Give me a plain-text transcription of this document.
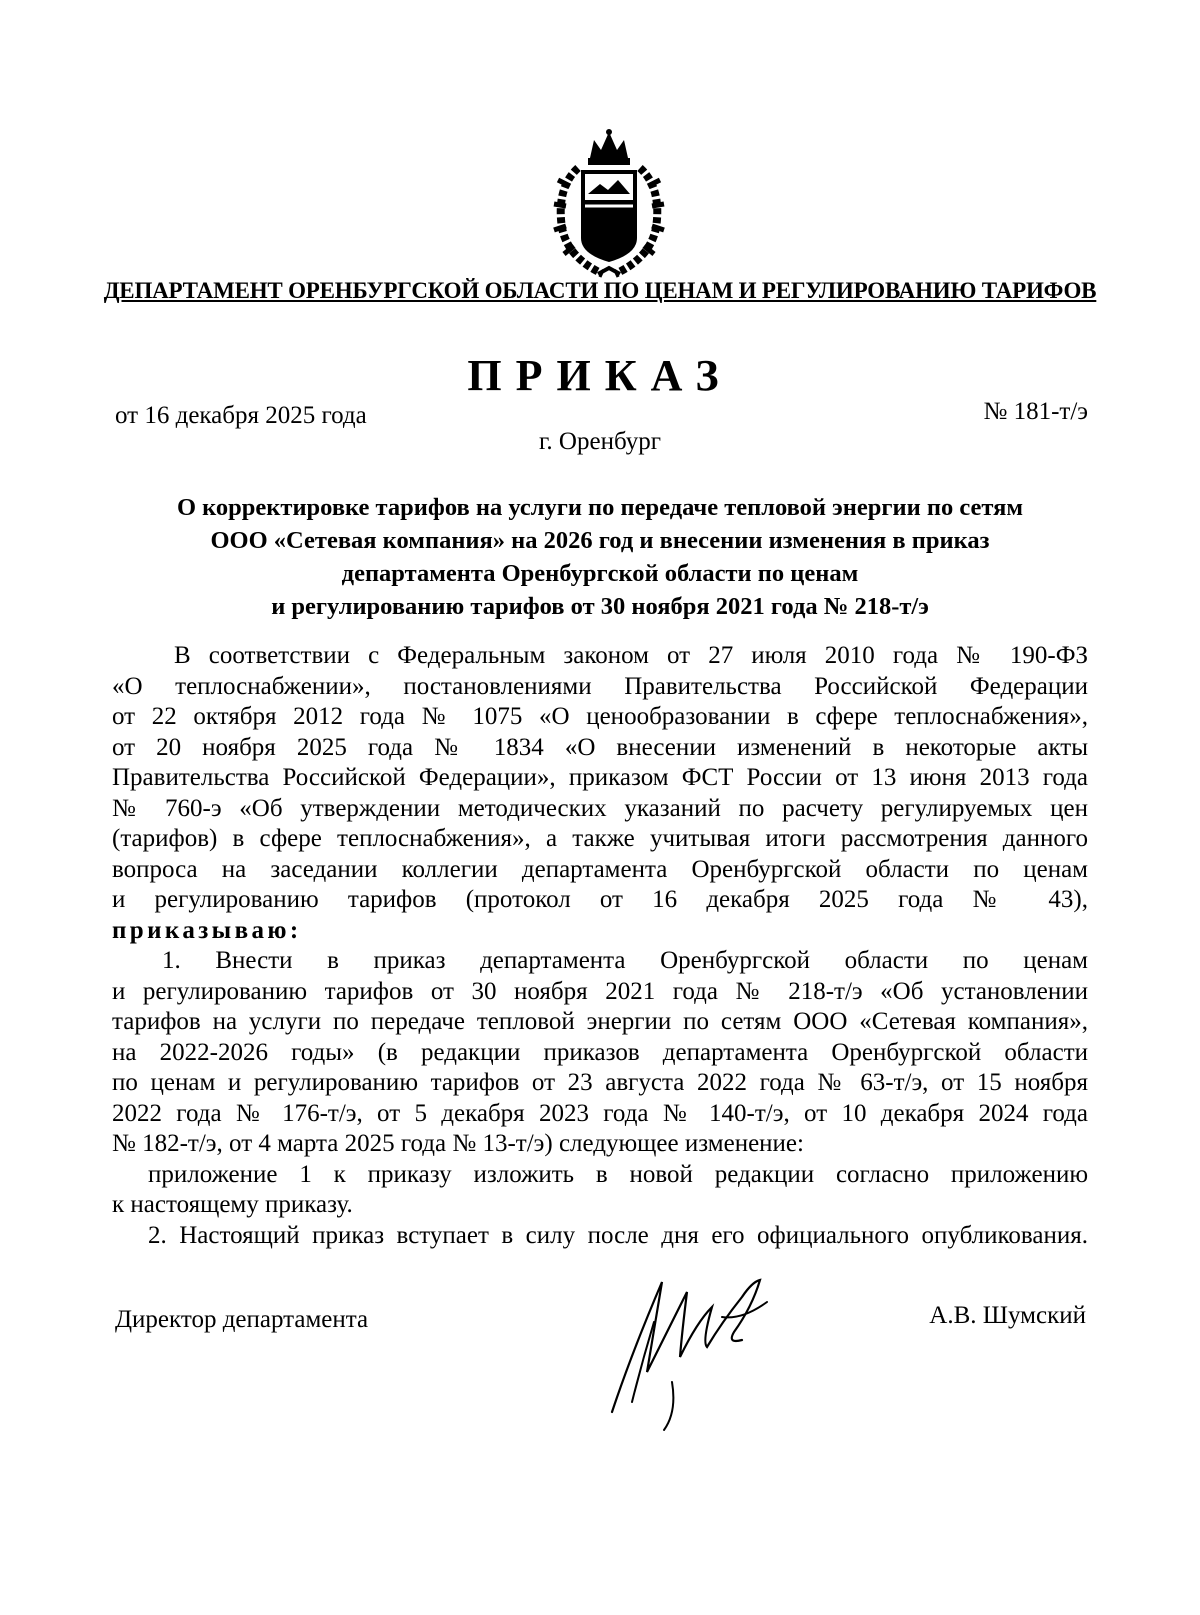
ДЕПАРТАМЕНТ ОРЕНБУРГСКОЙ ОБЛАСТИ ПО ЦЕНАМ И РЕГУЛИРОВАНИЮ ТАРИФОВ
ПРИКАЗ
от 16 декабря 2025 года	№ 181-т/э
г. Оренбург
О корректировке тарифов на услуги по передаче тепловой энергии по сетям
ООО «Сетевая компания» на 2026 год и внесении изменения в приказ
департамента Оренбургской области по ценам
и регулированию тарифов от 30 ноября 2021 года № 218-т/э
В соответствии с Федеральным законом от 27 июля 2010 года № 190-ФЗ
«О теплоснабжении», постановлениями Правительства Российской Федерации
от 22 октября 2012 года № 1075 «О ценообразовании в сфере теплоснабжения»,
от 20 ноября 2025 года № 1834 «О внесении изменений в некоторые акты
Правительства Российской Федерации», приказом ФСТ России от 13 июня 2013 года
№ 760-э «Об утверждении методических указаний по расчету регулируемых цен
(тарифов) в сфере теплоснабжения», а также учитывая итоги рассмотрения данного
вопроса на заседании коллегии департамента Оренбургской области по ценам
и регулированию тарифов (протокол от 16 декабря 2025 года № 43),
приказываю:
1. Внести в приказ департамента Оренбургской области по ценам
и регулированию тарифов от 30 ноября 2021 года № 218-т/э «Об установлении
тарифов на услуги по передаче тепловой энергии по сетям ООО «Сетевая компания»,
на 2022-2026 годы» (в редакции приказов департамента Оренбургской области
по ценам и регулированию тарифов от 23 августа 2022 года № 63-т/э, от 15 ноября
2022 года № 176-т/э, от 5 декабря 2023 года № 140-т/э, от 10 декабря 2024 года
№ 182-т/э, от 4 марта 2025 года № 13-т/э) следующее изменение:
приложение 1 к приказу изложить в новой редакции согласно приложению
к настоящему приказу.
2. Настоящий приказ вступает в силу после дня его официального опубликования.
Директор департамента	А.В. Шумский
